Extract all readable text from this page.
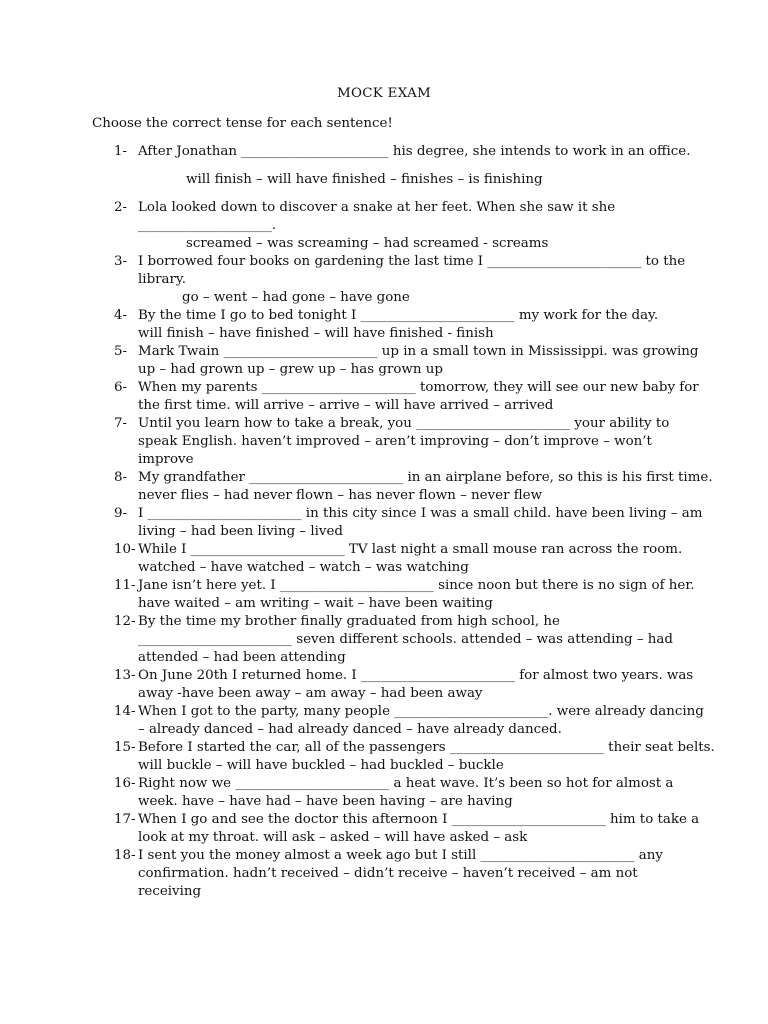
MOCK EXAM
Choose the correct tense for each sentence!
1- After Jonathan ______________________ his degree, she intends to work in an office.
will finish – will have finished – finishes – is finishing
2- Lola looked down to discover a snake at her feet. When she saw it she
____________________.
screamed – was screaming – had screamed - screams
3- I borrowed four books on gardening the last time I _______________________ to the
library.
go – went – had gone – have gone
4- By the time I go to bed tonight I _______________________ my work for the day.
will finish – have finished – will have finished - finish
5- Mark Twain _______________________ up in a small town in Mississippi. was growing
up – had grown up – grew up – has grown up
6- When my parents _______________________ tomorrow, they will see our new baby for
the first time. will arrive – arrive – will have arrived – arrived
7- Until you learn how to take a break, you _______________________ your ability to
speak English. haven’t improved – aren’t improving – don’t improve – won’t
improve
8- My grandfather _______________________ in an airplane before, so this is his first time.
never flies – had never flown – has never flown – never flew
9- I _______________________ in this city since I was a small child. have been living – am
living – had been living – lived
10- While I _______________________ TV last night a small mouse ran across the room.
watched – have watched – watch – was watching
11- Jane isn’t here yet. I _______________________ since noon but there is no sign of her.
have waited – am writing – wait – have been waiting
12- By the time my brother finally graduated from high school, he
_______________________ seven different schools. attended – was attending – had
attended – had been attending
13- On June 20th I returned home. I _______________________ for almost two years. was
away -have been away – am away – had been away
14- When I got to the party, many people _______________________. were already dancing
– already danced – had already danced – have already danced.
15- Before I started the car, all of the passengers _______________________ their seat belts.
will buckle – will have buckled – had buckled – buckle
16- Right now we _______________________ a heat wave. It’s been so hot for almost a
week. have – have had – have been having – are having
17- When I go and see the doctor this afternoon I _______________________ him to take a
look at my throat. will ask – asked – will have asked – ask
18- I sent you the money almost a week ago but I still _______________________ any
confirmation. hadn’t received – didn’t receive – haven’t received – am not
receiving
